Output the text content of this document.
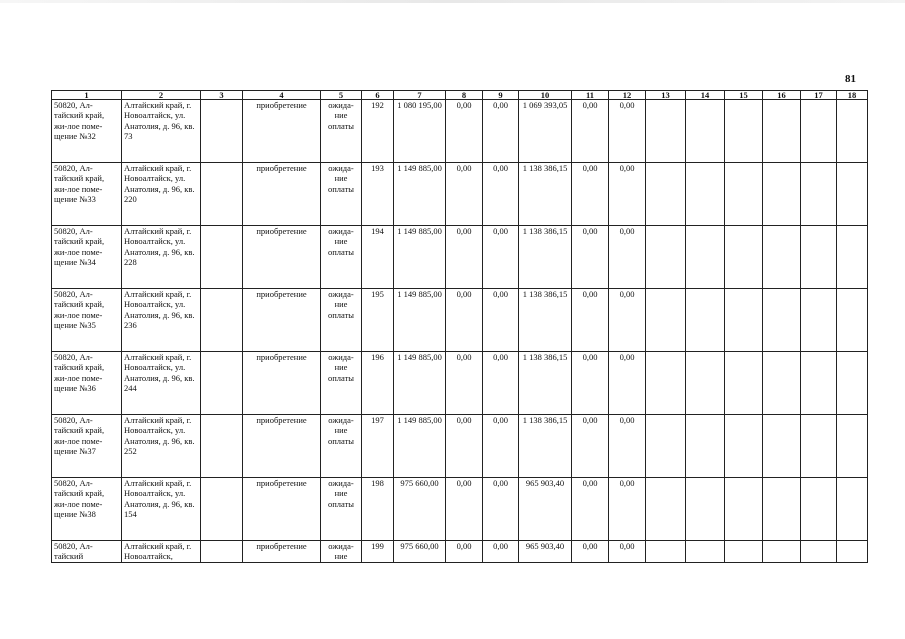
81
1	2	3	4	5	6	7	8	9	10	11	12	13	14	15	16	17	18
50820, Ал-тайский край, жи-лое поме-щение №32	Алтайский край, г. Новоалтайск, ул. Анатолия, д. 96, кв. 73		приобретение	ожида-ние оплаты	192	1 080 195,00	0,00	0,00	1 069 393,05	0,00	0,00						
50820, Ал-тайский край, жи-лое поме-щение №33	Алтайский край, г. Новоалтайск, ул. Анатолия, д. 96, кв. 220		приобретение	ожида-ние оплаты	193	1 149 885,00	0,00	0,00	1 138 386,15	0,00	0,00						
50820, Ал-тайский край, жи-лое поме-щение №34	Алтайский край, г. Новоалтайск, ул. Анатолия, д. 96, кв. 228		приобретение	ожида-ние оплаты	194	1 149 885,00	0,00	0,00	1 138 386,15	0,00	0,00						
50820, Ал-тайский край, жи-лое поме-щение №35	Алтайский край, г. Новоалтайск, ул. Анатолия, д. 96, кв. 236		приобретение	ожида-ние оплаты	195	1 149 885,00	0,00	0,00	1 138 386,15	0,00	0,00						
50820, Ал-тайский край, жи-лое поме-щение №36	Алтайский край, г. Новоалтайск, ул. Анатолия, д. 96, кв. 244		приобретение	ожида-ние оплаты	196	1 149 885,00	0,00	0,00	1 138 386,15	0,00	0,00						
50820, Ал-тайский край, жи-лое поме-щение №37	Алтайский край, г. Новоалтайск, ул. Анатолия, д. 96, кв. 252		приобретение	ожида-ние оплаты	197	1 149 885,00	0,00	0,00	1 138 386,15	0,00	0,00						
50820, Ал-тайский край, жи-лое поме-щение №38	Алтайский край, г. Новоалтайск, ул. Анатолия, д. 96, кв. 154		приобретение	ожида-ние оплаты	198	975 660,00	0,00	0,00	965 903,40	0,00	0,00						
50820, Ал-тайский	Алтайский край, г. Новоалтайск,		приобретение	ожида-ние	199	975 660,00	0,00	0,00	965 903,40	0,00	0,00						
